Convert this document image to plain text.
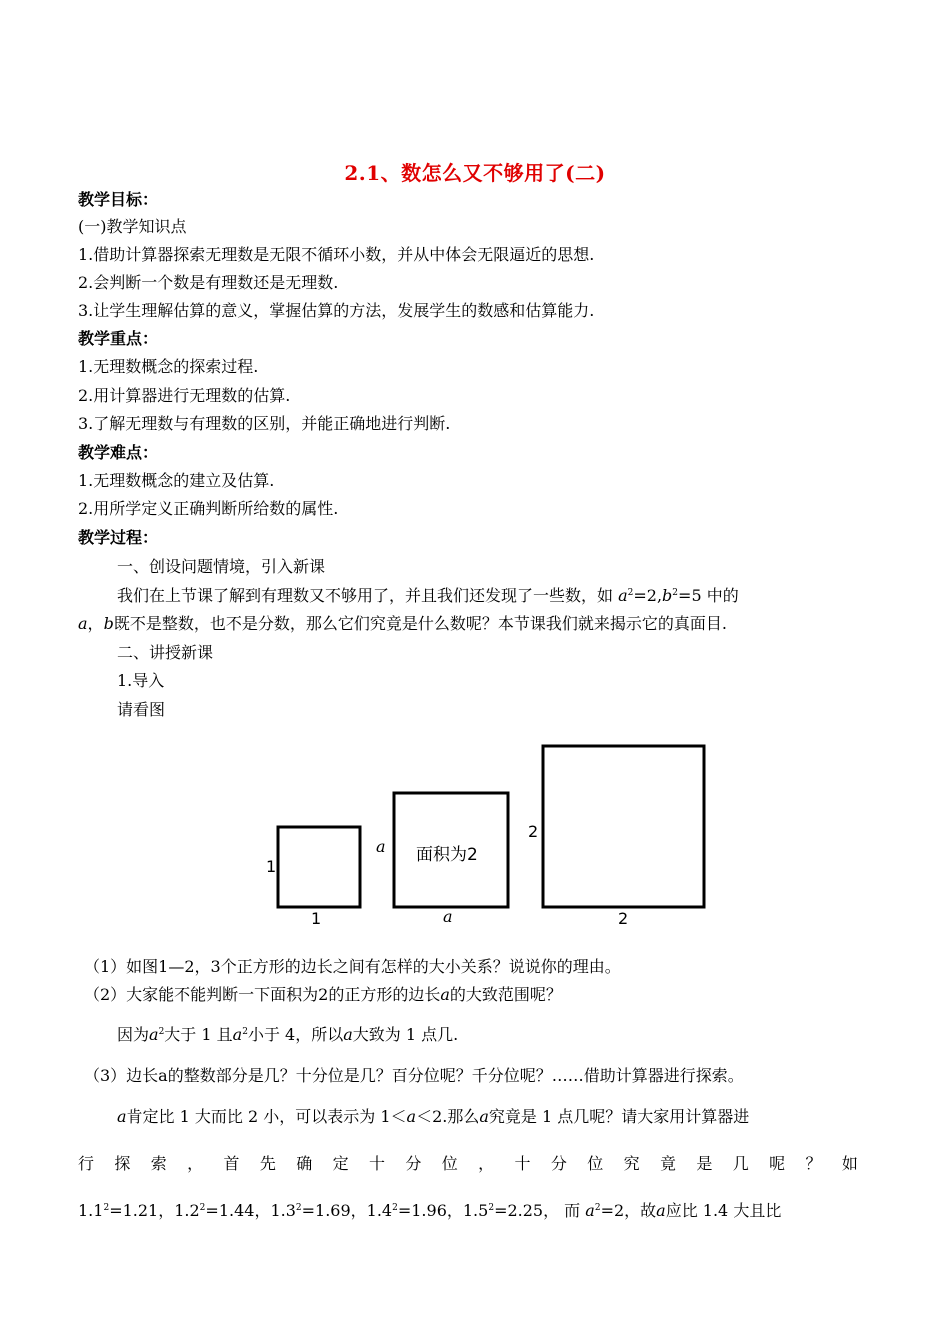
2.1、数怎么又不够用了(二)
教学目标：
(一)教学知识点
1.借助计算器探索无理数是无限不循环小数，并从中体会无限逼近的思想.
2.会判断一个数是有理数还是无理数.
3.让学生理解估算的意义，掌握估算的方法，发展学生的数感和估算能力.
教学重点：
1.无理数概念的探索过程.
2.用计算器进行无理数的估算.
3.了解无理数与有理数的区别，并能正确地进行判断.
教学难点：
1.无理数概念的建立及估算.
2.用所学定义正确判断所给数的属性.
教学过程：
一、创设问题情境，引入新课
我们在上节课了解到有理数又不够用了，并且我们还发现了一些数，如 $a^2=2,b^2=5$ 中的
a，b既不是整数，也不是分数，那么它们究竟是什么数呢？本节课我们就来揭示它的真面目.
二、讲授新课
1.导入
请看图
1
1
a 面积为2
a
2
2
（1）如图1—2，3个正方形的边长之间有怎样的大小关系？说说你的理由。
（2）大家能不能判断一下面积为2的正方形的边长a的大致范围呢？
因为$a^2$大于 1 且$a^2$小于 4，所以a大致为 1 点几.
（3）边长a的整数部分是几？十分位是几？百分位呢？千分位呢？……借助计算器进行探索。
a肯定比 1 大而比 2 小，可以表示为 1＜a＜2.那么a究竟是 1 点几呢？请大家用计算器进
行 探 索 ， 首 先 确 定 十 分 位 ， 十 分 位 究 竟 是 几 呢 ？ 如
$1.1^2=1.21$，$1.2^2=1.44$，$1.3^2=1.69$，$1.4^2=1.96$，$1.5^2=2.25$， 而 $a^2=2$，故a应比 1.4 大且比
